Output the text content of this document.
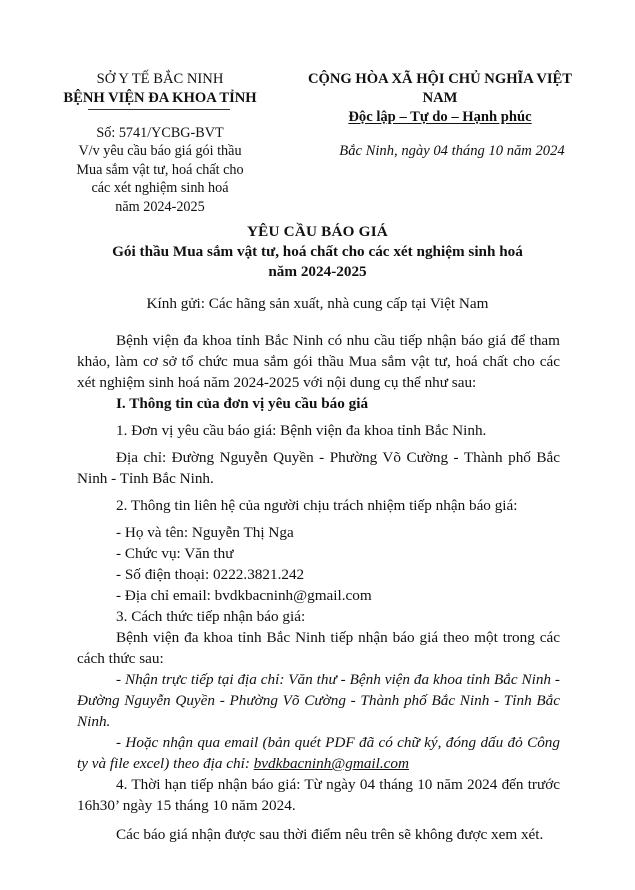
SỞ Y TẾ BẮC NINH
BỆNH VIỆN ĐA KHOA TỈNH
Số: 5741/YCBG-BVT
V/v yêu cầu báo giá gói thầu
Mua sắm vật tư, hoá chất cho
các xét nghiệm sinh hoá
năm 2024-2025
CỘNG HÒA XÃ HỘI CHỦ NGHĨA VIỆT NAM
Độc lập – Tự do – Hạnh phúc
Bắc Ninh, ngày 04 tháng 10 năm 2024
YÊU CẦU BÁO GIÁ
Gói thầu Mua sắm vật tư, hoá chất cho các xét nghiệm sinh hoá
năm 2024-2025
Kính gửi: Các hãng sản xuất, nhà cung cấp tại Việt Nam

Bệnh viện đa khoa tỉnh Bắc Ninh có nhu cầu tiếp nhận báo giá để tham khảo, làm cơ sở tổ chức mua sắm gói thầu Mua sắm vật tư, hoá chất cho các xét nghiệm sinh hoá năm 2024-2025 với nội dung cụ thể như sau:

I. Thông tin của đơn vị yêu cầu báo giá

1. Đơn vị yêu cầu báo giá: Bệnh viện đa khoa tỉnh Bắc Ninh.

Địa chỉ: Đường Nguyễn Quyền - Phường Võ Cường - Thành phố Bắc Ninh - Tỉnh Bắc Ninh.

2. Thông tin liên hệ của người chịu trách nhiệm tiếp nhận báo giá:

- Họ và tên: Nguyễn Thị Nga

- Chức vụ: Văn thư

- Số điện thoại: 0222.3821.242

- Địa chỉ email: bvdkbacninh@gmail.com

3. Cách thức tiếp nhận báo giá:

Bệnh viện đa khoa tỉnh Bắc Ninh tiếp nhận báo giá theo một trong các cách thức sau:

- Nhận trực tiếp tại địa chỉ: Văn thư - Bệnh viện đa khoa tỉnh Bắc Ninh - Đường Nguyễn Quyền - Phường Võ Cường - Thành phố Bắc Ninh - Tỉnh Bắc Ninh.

- Hoặc nhận qua email (bản quét PDF đã có chữ ký, đóng dấu đỏ Công ty và file excel) theo địa chỉ: bvdkbacninh@gmail.com

4. Thời hạn tiếp nhận báo giá: Từ ngày 04 tháng 10 năm 2024 đến trước 16h30’ ngày 15 tháng 10 năm 2024.

Các báo giá nhận được sau thời điểm nêu trên sẽ không được xem xét.
